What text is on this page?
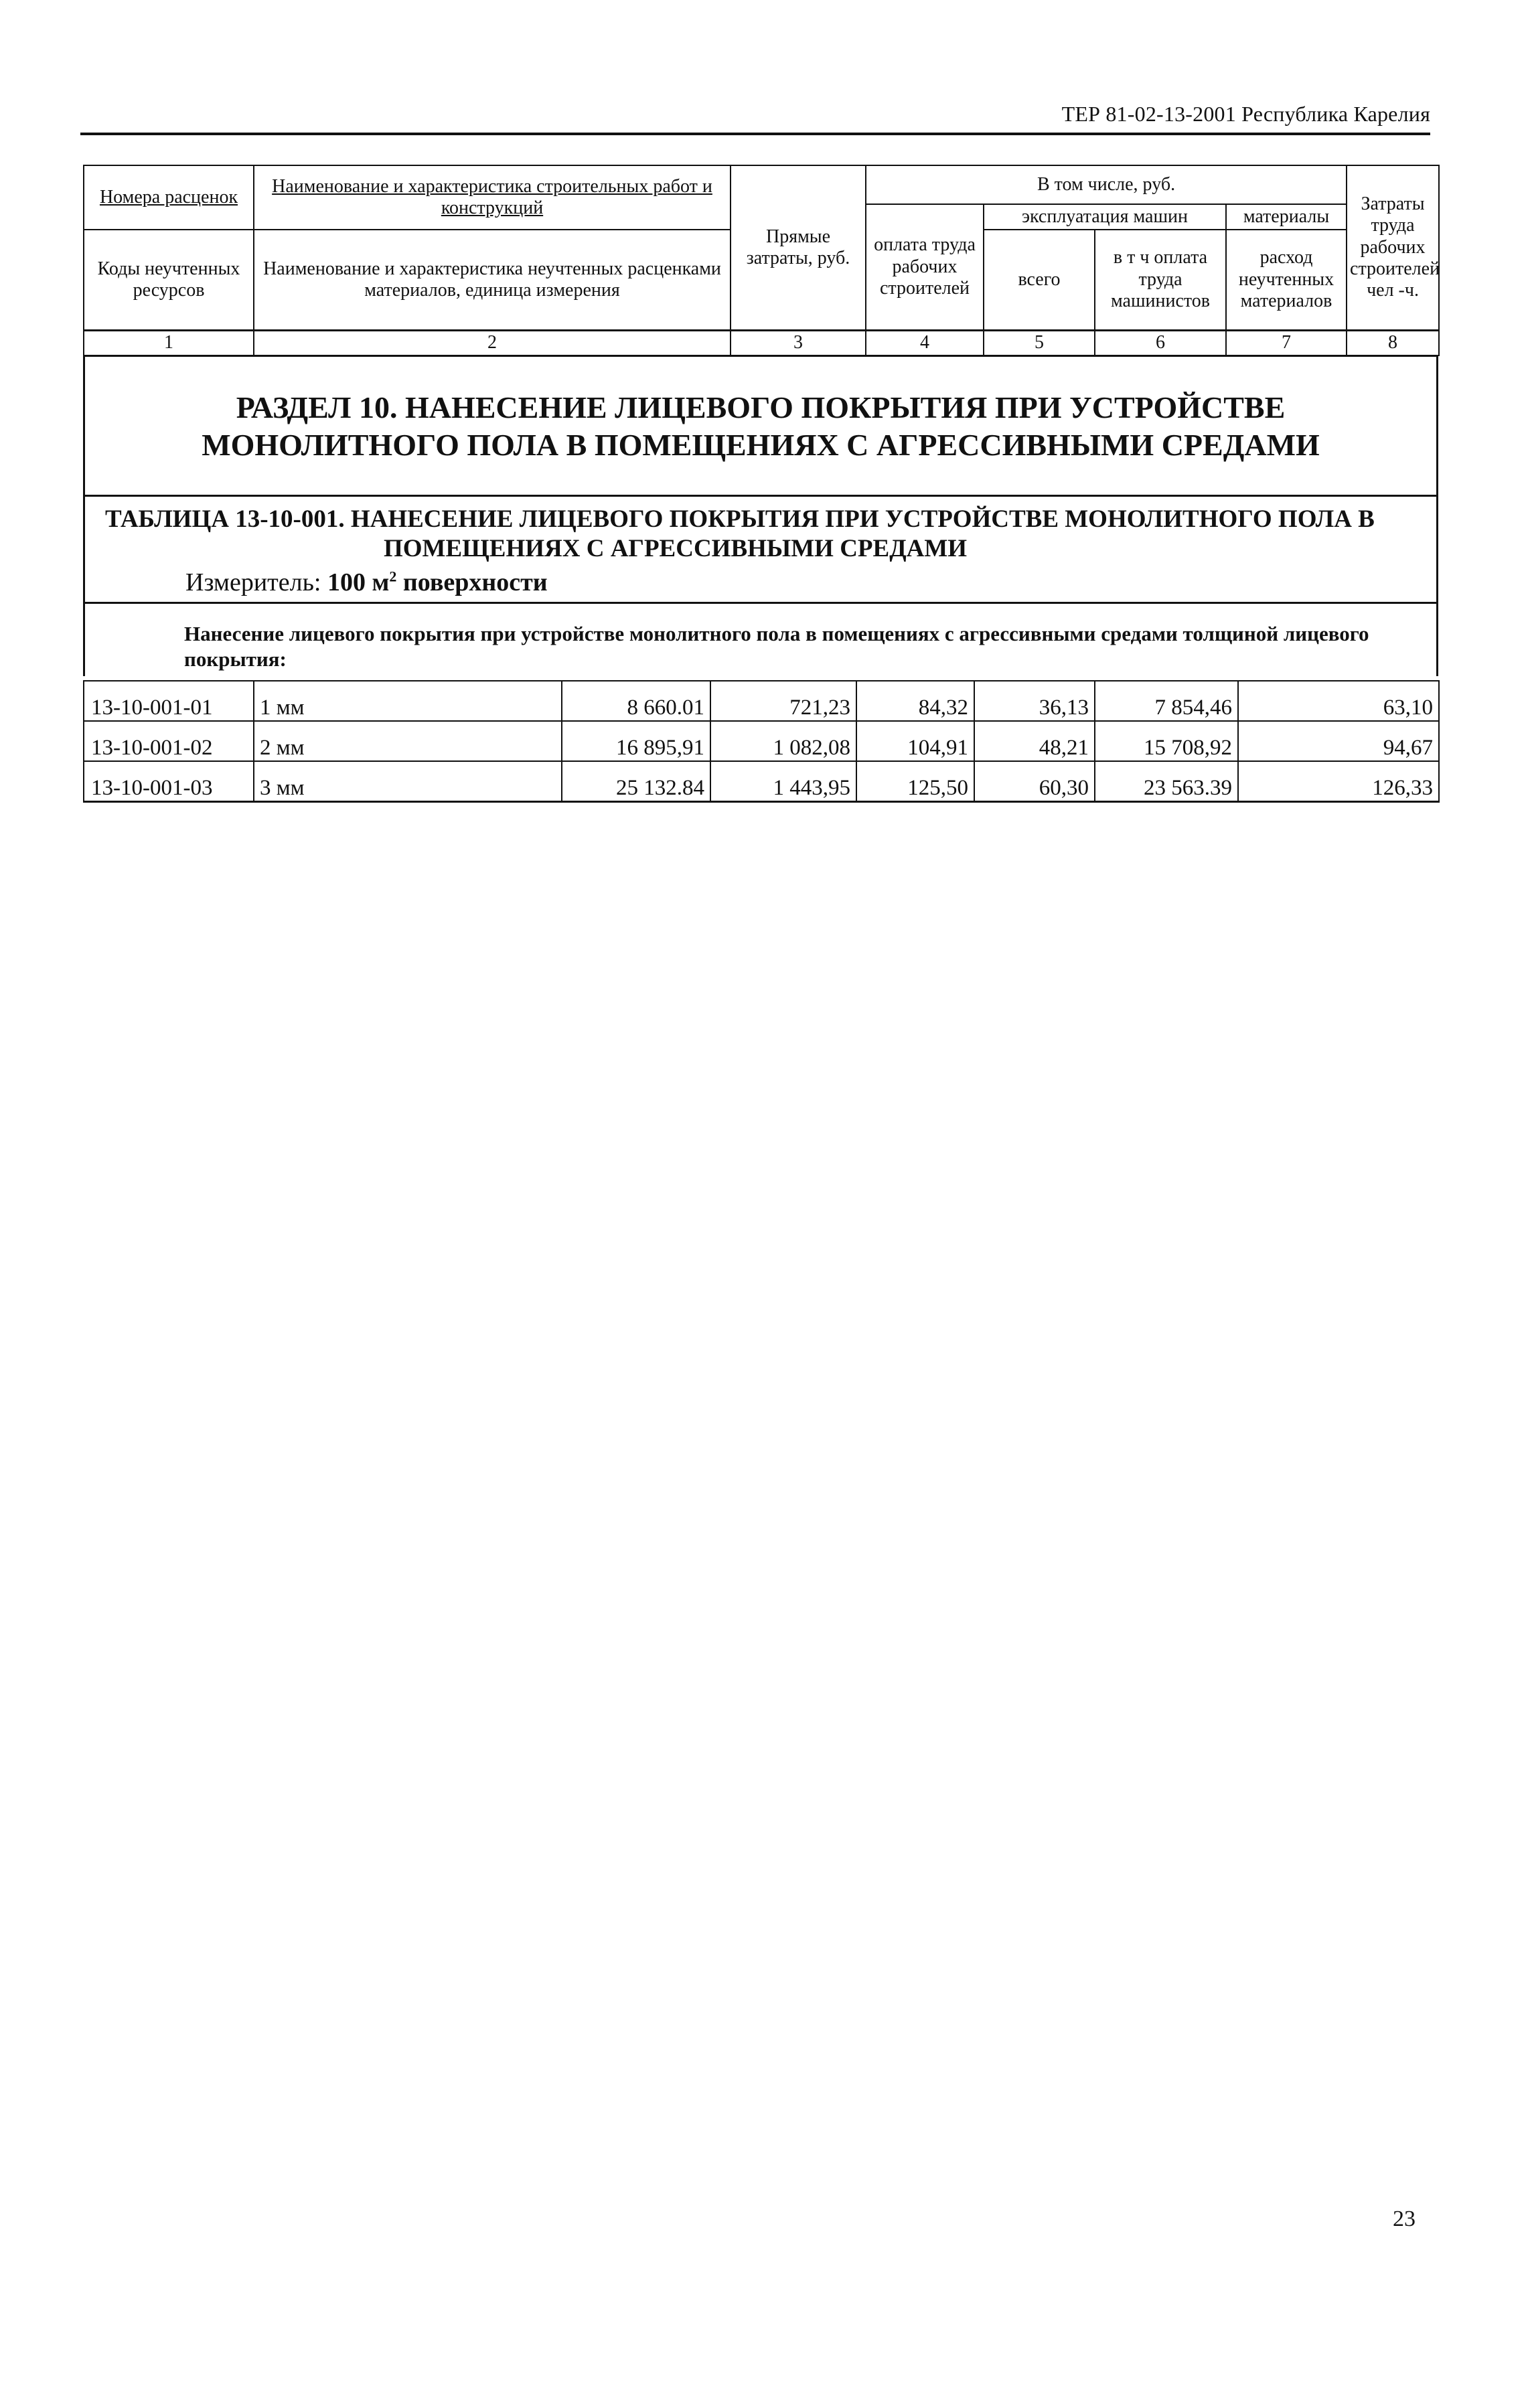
ТЕР 81-02-13-2001 Республика Карелия
Номера расценок	Наименование и характеристика строительных работ и конструкций	Прямые затраты, руб.	В том числе, руб.				Затраты труда рабочих строителей чел -ч.
			оплата труда рабочих строителей	эксплуатация машин		материалы	
Коды неучтенных ресурсов	Наименование и характеристика неучтенных расценками материалов, единица измерения			всего	в т ч оплата труда машинистов	расход неучтенных материалов	

1	2	3	4	5	6	7	8
РАЗДЕЛ 10. НАНЕСЕНИЕ ЛИЦЕВОГО ПОКРЫТИЯ ПРИ УСТРОЙСТВЕ
МОНОЛИТНОГО ПОЛА В ПОМЕЩЕНИЯХ С АГРЕССИВНЫМИ СРЕДАМИ
ТАБЛИЦА 13-10-001. НАНЕСЕНИЕ ЛИЦЕВОГО ПОКРЫТИЯ ПРИ УСТРОЙСТВЕ МОНОЛИТНОГО ПОЛА В
ПОМЕЩЕНИЯХ С АГРЕССИВНЫМИ СРЕДАМИ
Измеритель: 100 $м^2$ поверхности
Нанесение лицевого покрытия при устройстве монолитного пола в помещениях с агрессивными средами толщиной лицевого покрытия:
13-10-001-01	1 мм	8 660.01	721,23	84,32	36,13	7 854,46	63,10
13-10-001-02	2 мм	16 895,91	1 082,08	104,91	48,21	15 708,92	94,67
13-10-001-03	3 мм	25 132.84	1 443,95	125,50	60,30	23 563.39	126,33
23
